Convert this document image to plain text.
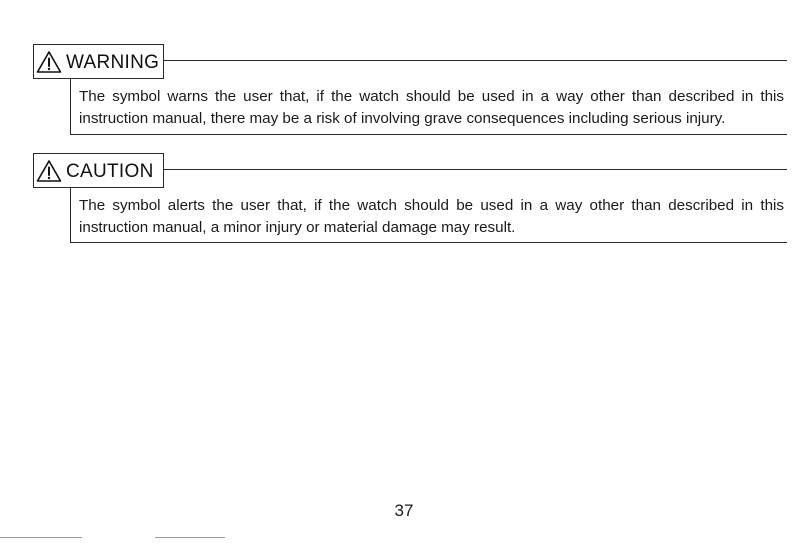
WARNING

The symbol warns the user that, if the watch should be used in a way other than described in this instruction manual, there may be a risk of involving grave consequences including serious injury.

CAUTION

The symbol alerts the user that, if the watch should be used in a way other than described in this instruction manual, a minor injury or material damage may result.

37
